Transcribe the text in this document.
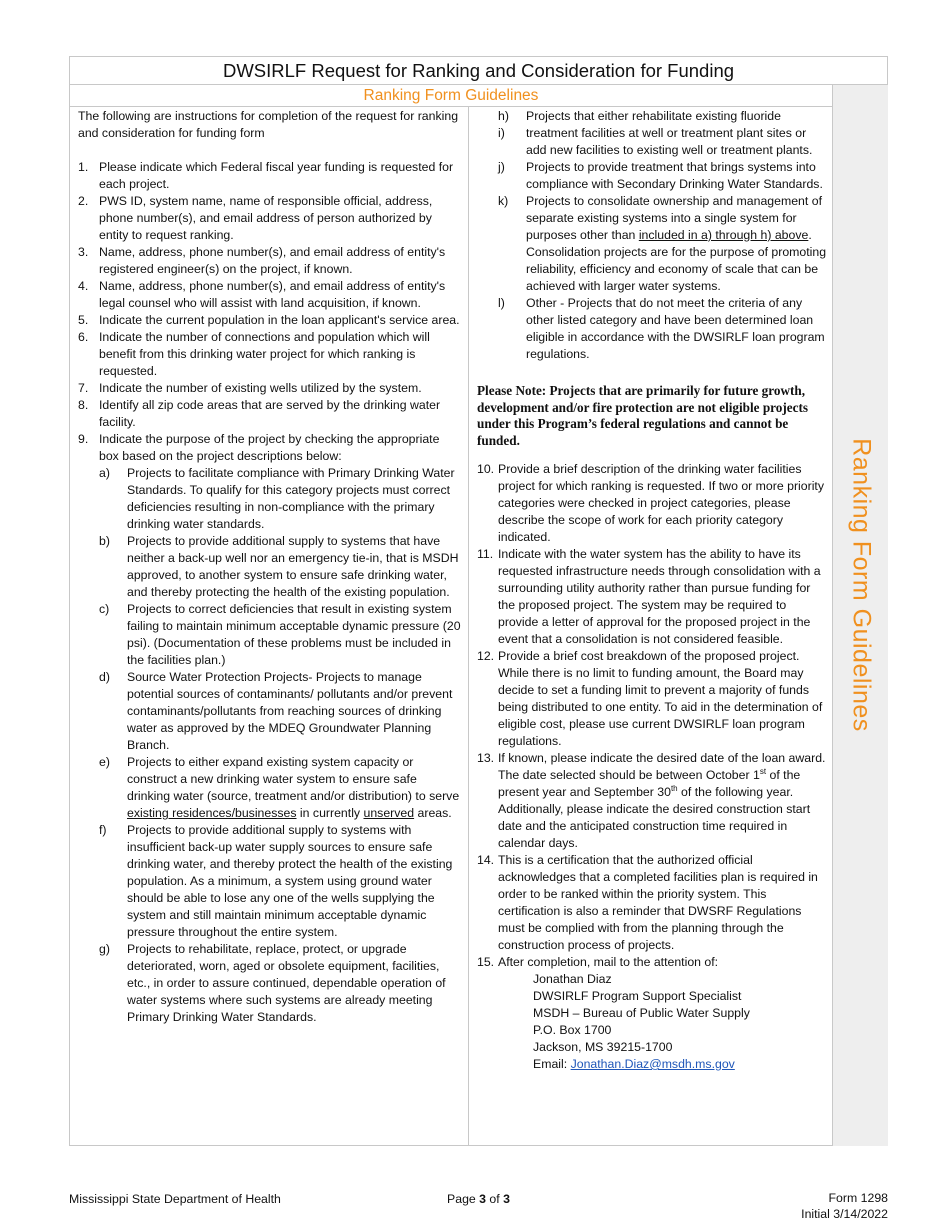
DWSIRLF Request for Ranking and Consideration for Funding
Ranking Form Guidelines
Ranking Form Guidelines
The following are instructions for completion of the request for ranking and consideration for funding form
1. Please indicate which Federal fiscal year funding is requested for each project.
2. PWS ID, system name, name of responsible official, address, phone number(s), and email address of person authorized by entity to request ranking.
3. Name, address, phone number(s), and email address of entity's registered engineer(s) on the project, if known.
4. Name, address, phone number(s), and email address of entity's legal counsel who will assist with land acquisition, if known.
5. Indicate the current population in the loan applicant's service area.
6. Indicate the number of connections and population which will benefit from this drinking water project for which ranking is requested.
7. Indicate the number of existing wells utilized by the system.
8. Identify all zip code areas that are served by the drinking water facility.
9. Indicate the purpose of the project by checking the appropriate box based on the project descriptions below:
a)	Projects to facilitate compliance with Primary Drinking Water Standards. To qualify for this category projects must correct deficiencies resulting in non-compliance with the primary drinking water standards.
b)	Projects to provide additional supply to systems that have neither a back-up well nor an emergency tie-in, that is MSDH approved, to another system to ensure safe drinking water, and thereby protecting the health of the existing population.
c)	Projects to correct deficiencies that result in existing system failing to maintain minimum acceptable dynamic pressure (20 psi). (Documentation of these problems must be included in the facilities plan.)
d)	Source Water Protection Projects- Projects to manage potential sources of contaminants/ pollutants and/or prevent contaminants/pollutants from reaching sources of drinking water as approved by the MDEQ Groundwater Planning Branch.
e)	Projects to either expand existing system capacity or construct a new drinking water system to ensure safe drinking water (source, treatment and/or distribution) to serve existing residences/businesses in currently unserved areas.
f)	Projects to provide additional supply to systems with insufficient back-up water supply sources to ensure safe drinking water, and thereby protect the health of the existing population. As a minimum, a system using ground water should be able to lose any one of the wells supplying the system and still maintain minimum acceptable dynamic pressure throughout the entire system.
g)	Projects to rehabilitate, replace, protect, or upgrade deteriorated, worn, aged or obsolete equipment, facilities, etc., in order to assure continued, dependable operation of water systems where such systems are already meeting Primary Drinking Water Standards.
h)	Projects that either rehabilitate existing fluoride
i)	treatment facilities at well or treatment plant sites or add new facilities to existing well or treatment plants.
j)	Projects to provide treatment that brings systems into compliance with Secondary Drinking Water Standards.
k)	Projects to consolidate ownership and management of separate existing systems into a single system for purposes other than included in a) through h) above. Consolidation projects are for the purpose of promoting reliability, efficiency and economy of scale that can be achieved with larger water systems.
l)	Other - Projects that do not meet the criteria of any other listed category and have been determined loan eligible in accordance with the DWSIRLF loan program regulations.
Please Note: Projects that are primarily for future growth, development and/or fire protection are not eligible projects under this Program’s federal regulations and cannot be funded.
10. Provide a brief description of the drinking water facilities project for which ranking is requested. If two or more priority categories were checked in project categories, please describe the scope of work for each priority category indicated.
11. Indicate with the water system has the ability to have its requested infrastructure needs through consolidation with a surrounding utility authority rather than pursue funding for the proposed project. The system may be required to provide a letter of approval for the proposed project in the event that a consolidation is not considered feasible.
12. Provide a brief cost breakdown of the proposed project. While there is no limit to funding amount, the Board may decide to set a funding limit to prevent a majority of funds being distributed to one entity. To aid in the determination of eligible cost, please use current DWSIRLF loan program regulations.
13. If known, please indicate the desired date of the loan award. The date selected should be between October 1st of the present year and September 30th of the following year. Additionally, please indicate the desired construction start date and the anticipated construction time required in calendar days.
14. This is a certification that the authorized official acknowledges that a completed facilities plan is required in order to be ranked within the priority system. This certification is also a reminder that DWSRF Regulations must be complied with from the planning through the construction process of projects.
15. After completion, mail to the attention of:
Jonathan Diaz
DWSIRLF Program Support Specialist
MSDH – Bureau of Public Water Supply
P.O. Box 1700
Jackson, MS 39215-1700
Email: Jonathan.Diaz@msdh.ms.gov
Mississippi State Department of Health	Page 3 of 3	Form 1298
Initial 3/14/2022
